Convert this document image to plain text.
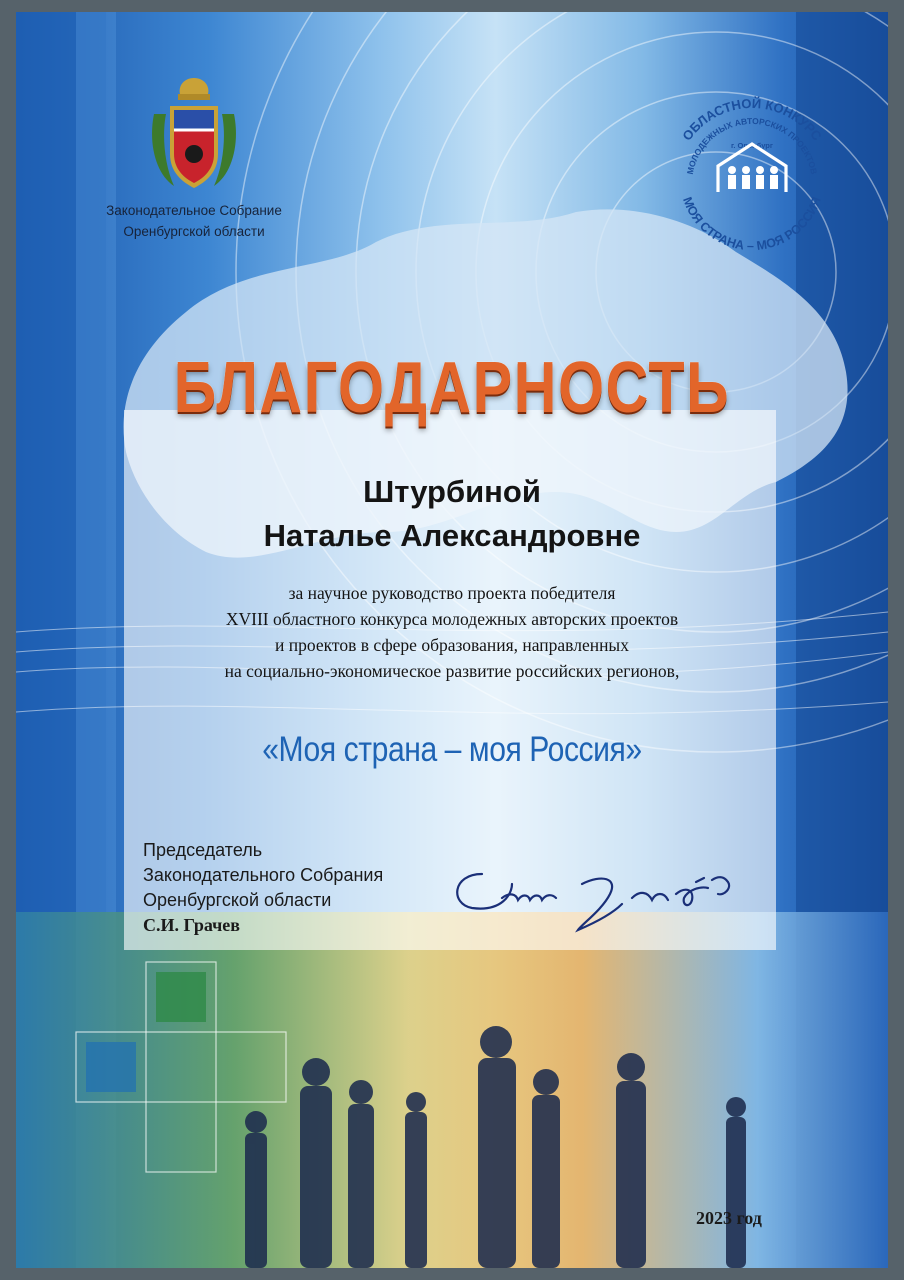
Законодательное Собрание
Оренбургской области
ОБЛАСТНОЙ КОНКУРС
МОЛОДЕЖНЫХ АВТОРСКИХ ПРОЕКТОВ
г. Оренбург
МОЯ СТРАНА – МОЯ РОССИЯ
БЛАГОДАРНОСТЬ
Штурбиной
Наталье Александровне
за научное руководство проекта победителя
XVIII областного конкурса молодежных авторских проектов
и проектов в сфере образования, направленных
на социально-экономическое развитие российских регионов,
«Моя страна – моя Россия»
Председатель
Законодательного Собрания
Оренбургской области
С.И. Грачев
2023 год
